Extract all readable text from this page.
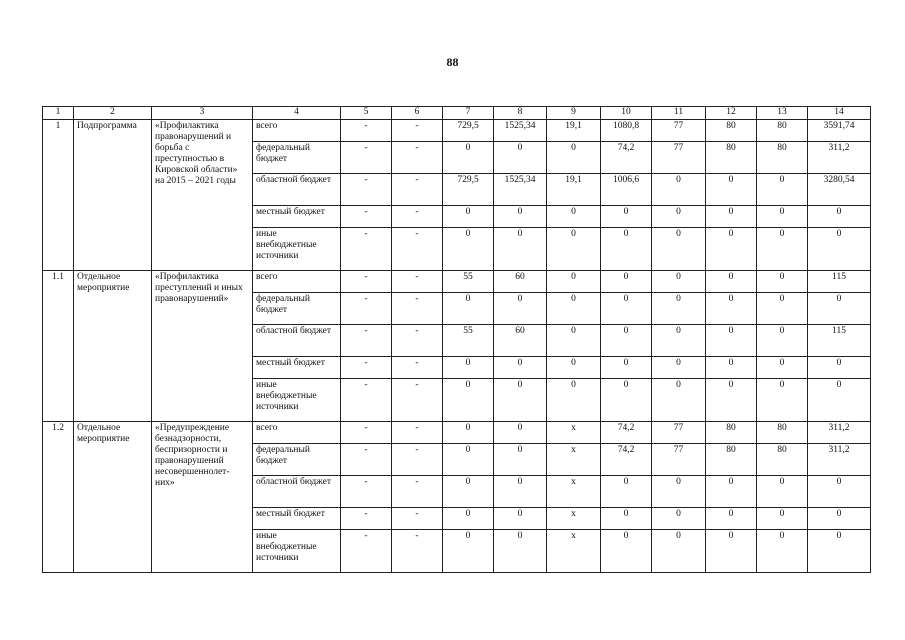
88
1	2	3	4	5	6	7	8	9	10	11	12	13	14
1	Подпрограмма	«Профилактика правонарушений и борьба с преступностью в Кировской области» на 2015 – 2021 годы	всего	-	-	729,5	1525,34	19,1	1080,8	77	80	80	3591,74
			федеральный бюджет	-	-	0	0	0	74,2	77	80	80	311,2
			областной бюджет	-	-	729,5	1525,34	19,1	1006,6	0	0	0	3280,54
			местный бюджет	-	-	0	0	0	0	0	0	0	0
			иные внебюджетные источники	-	-	0	0	0	0	0	0	0	0
1.1	Отдельное мероприятие	«Профилактика преступлений и иных правонарушений»	всего	-	-	55	60	0	0	0	0	0	115
			федеральный бюджет	-	-	0	0	0	0	0	0	0	0
			областной бюджет	-	-	55	60	0	0	0	0	0	115
			местный бюджет	-	-	0	0	0	0	0	0	0	0
			иные внебюджетные источники	-	-	0	0	0	0	0	0	0	0
1.2	Отдельное мероприятие	«Предупреждение безнадзорности, беспризорности и правонарушений несовершеннолет-них»	всего	-	-	0	0	х	74,2	77	80	80	311,2
			федеральный бюджет	-	-	0	0	х	74,2	77	80	80	311,2
			областной бюджет	-	-	0	0	х	0	0	0	0	0
			местный бюджет	-	-	0	0	х	0	0	0	0	0
			иные внебюджетные источники	-	-	0	0	х	0	0	0	0	0
